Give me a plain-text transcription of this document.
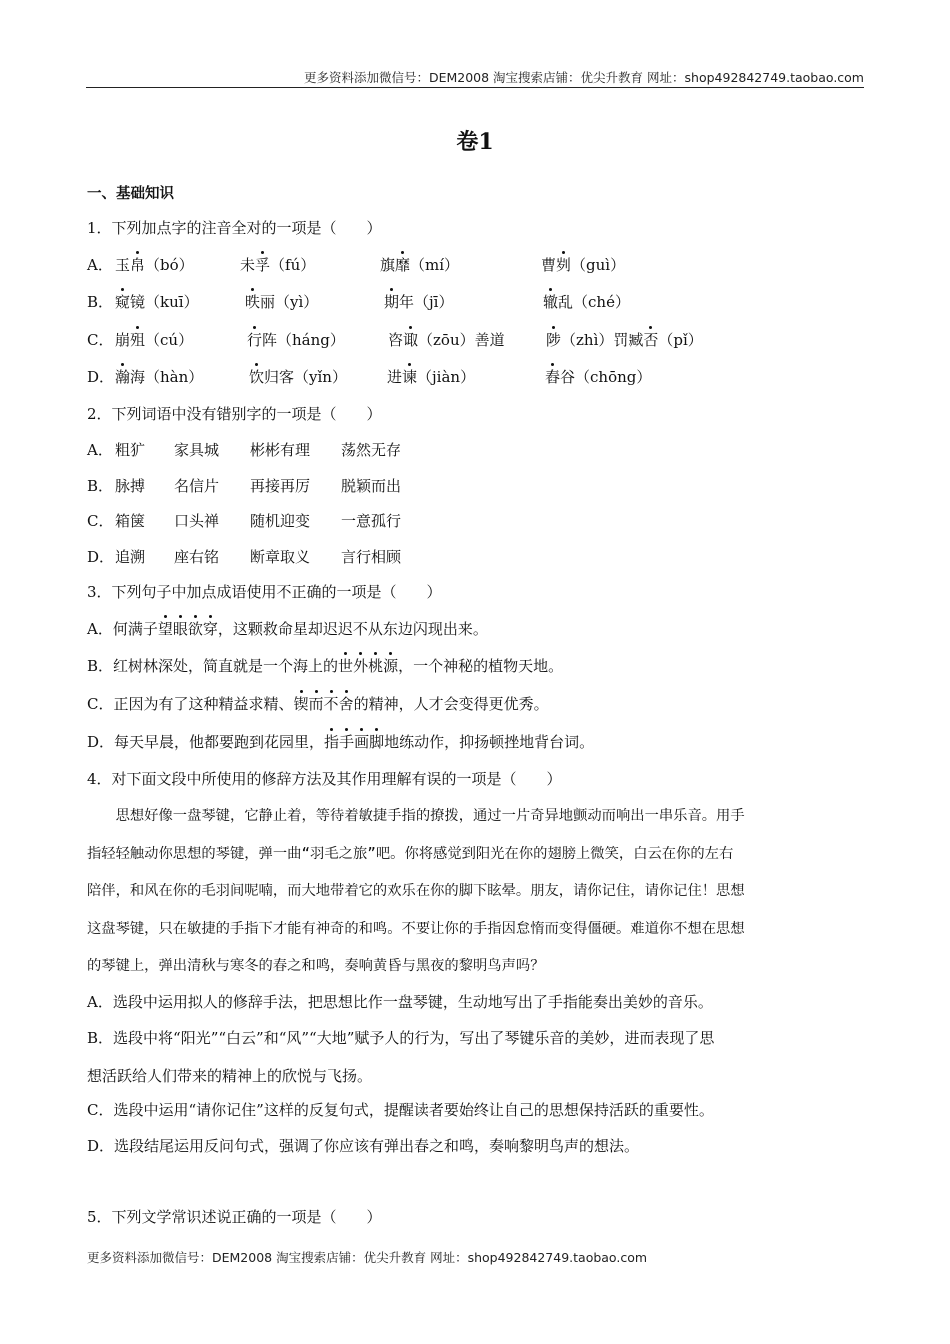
更多资料添加微信号：DEM2008 淘宝搜索店铺：优尖升教育 网址：shop492842749.taobao.com
卷1
一、基础知识
1．下列加点字的注音全对的一项是（　　）
A． 玉帛（bó）	未孚（fú）	旗靡（mí）	曹刿（guì）
B． 窥镜（kuī）	昳丽（yì）	期年（jī）	辙乱（ché）
C． 崩殂（cú）	行阵（háng）	咨诹（zōu）善道	陟（zhì）罚臧否（pǐ）
D． 瀚海（hàn）	饮归客（yǐn）	进谏（jiàn）	舂谷（chōng）
2．下列词语中没有错别字的一项是（　　）
A． 粗犷 家具城 彬彬有理 荡然无存
B． 脉搏 名信片 再接再厉 脱颖而出
C． 箱箧 口头禅 随机迎变 一意孤行
D． 追溯 座右铭 断章取义 言行相顾
3．下列句子中加点成语使用不正确的一项是（　　）
A．何满子望眼欲穿，这颗救命星却迟迟不从东边闪现出来。
B．红树林深处，简直就是一个海上的世外桃源，一个神秘的植物天地。
C．正因为有了这种精益求精、锲而不舍的精神，人才会变得更优秀。
D．每天早晨，他都要跑到花园里，指手画脚地练动作，抑扬顿挫地背台词。
4．对下面文段中所使用的修辞方法及其作用理解有误的一项是（　　）
　　思想好像一盘琴键，它静止着，等待着敏捷手指的撩拨，通过一片奇异地颤动而响出一串乐音。用手
指轻轻触动你思想的琴键，弹一曲“羽毛之旅”吧。你将感觉到阳光在你的翅膀上微笑，白云在你的左右
陪伴，和风在你的毛羽间呢喃，而大地带着它的欢乐在你的脚下眩晕。朋友，请你记住，请你记住！思想
这盘琴键，只在敏捷的手指下才能有神奇的和鸣。不要让你的手指因怠惰而变得僵硬。难道你不想在思想
的琴键上，弹出清秋与寒冬的春之和鸣，奏响黄昏与黑夜的黎明鸟声吗？
A．选段中运用拟人的修辞手法，把思想比作一盘琴键，生动地写出了手指能奏出美妙的音乐。
B．选段中将“阳光”“白云”和“风”“大地”赋予人的行为，写出了琴键乐音的美妙，进而表现了思
想活跃给人们带来的精神上的欣悦与飞扬。
C．选段中运用“请你记住”这样的反复句式，提醒读者要始终让自己的思想保持活跃的重要性。
D．选段结尾运用反问句式，强调了你应该有弹出春之和鸣，奏响黎明鸟声的想法。
5．下列文学常识述说正确的一项是（　　）
更多资料添加微信号：DEM2008 淘宝搜索店铺：优尖升教育 网址：shop492842749.taobao.com
